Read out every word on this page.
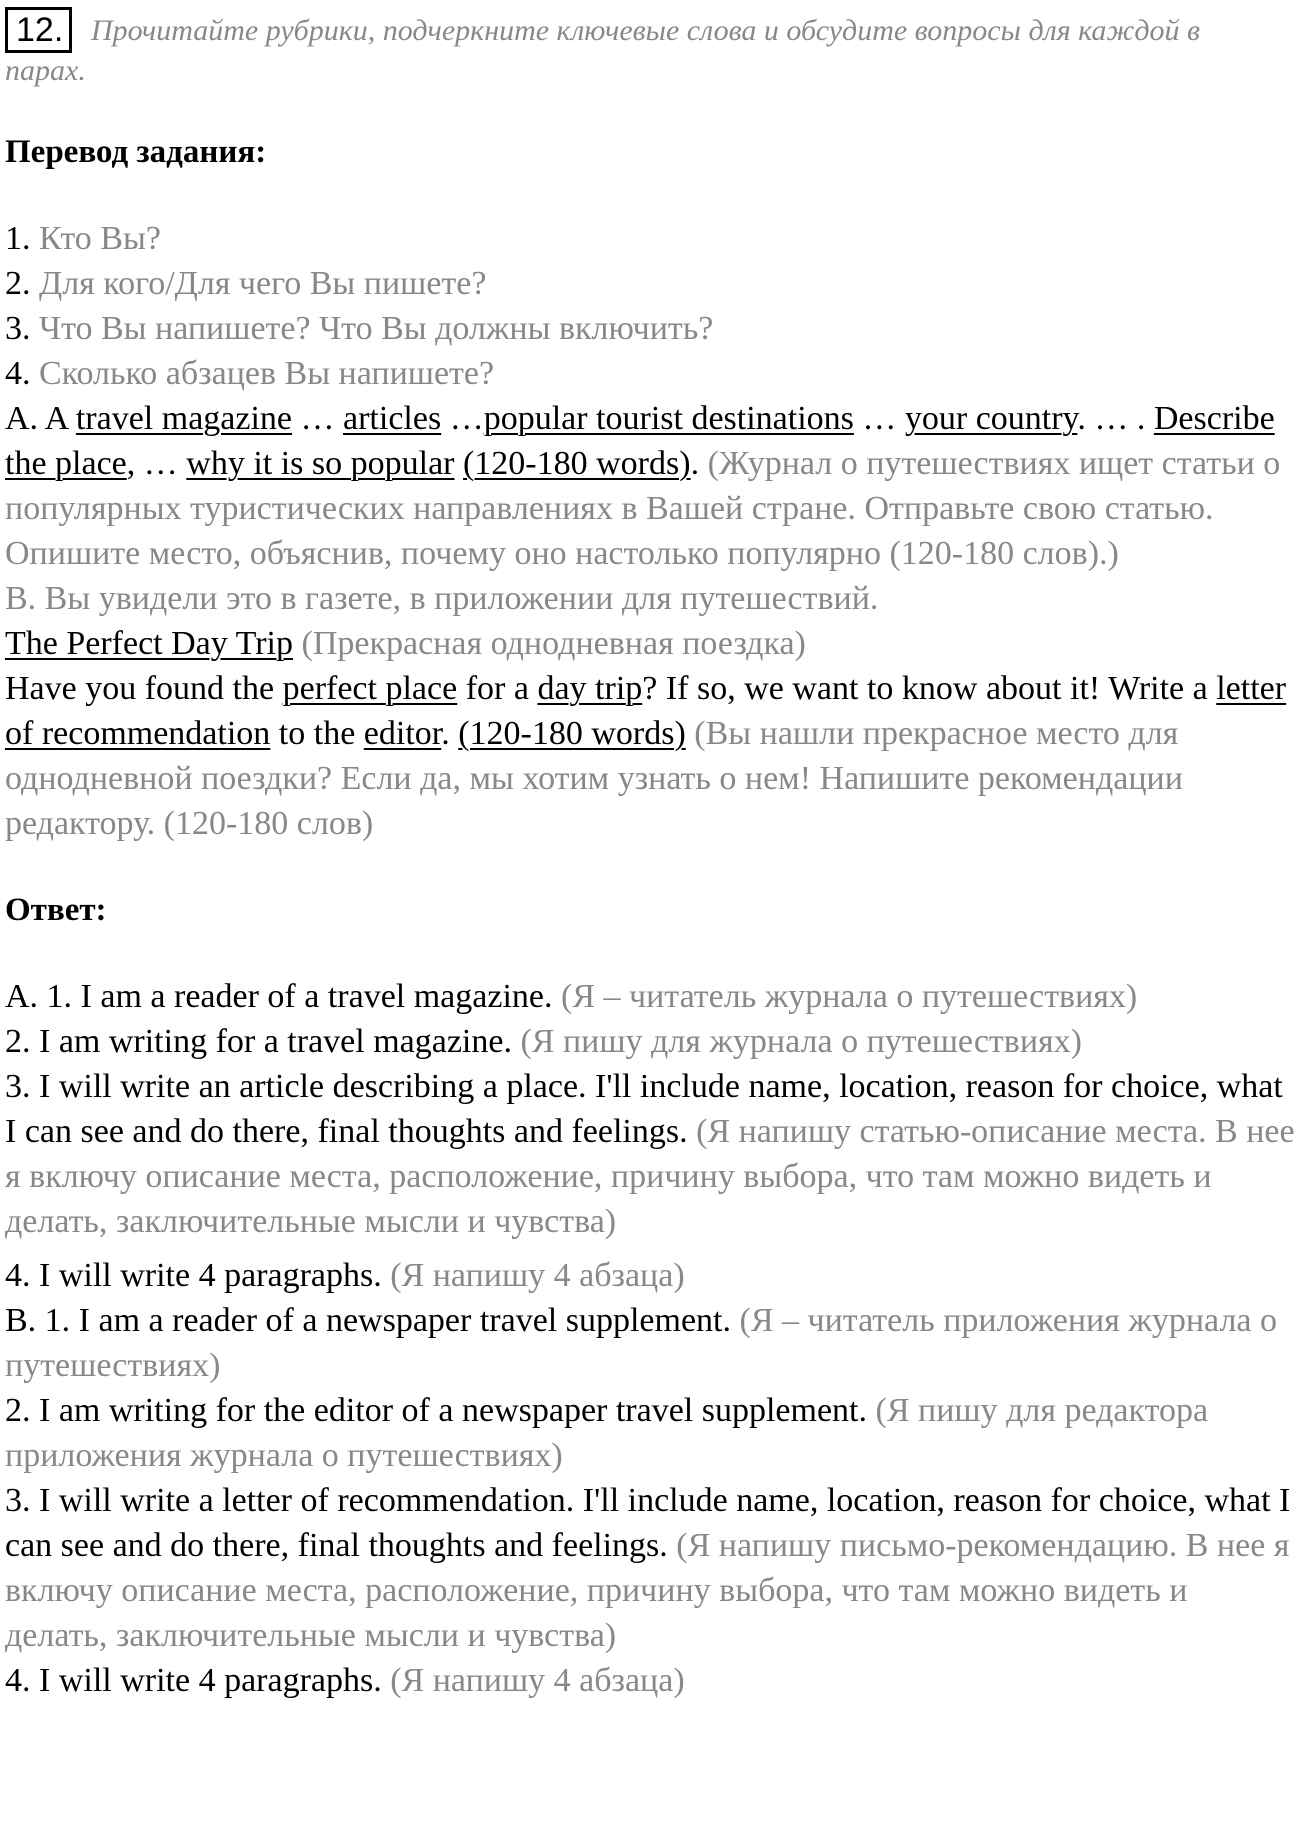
Прочитайте рубрики, подчеркните ключевые слова и обсудите вопросы для каждой в парах.

12.

Перевод задания:

1. Кто Вы?

2. Для кого/Для чего Вы пишете?

3. Что Вы напишете? Что Вы должны включить?

4. Сколько абзацев Вы напишете?

A. A travel magazine … articles …popular tourist destinations … your country. … . Describe the place, … why it is so popular (120-180 words). (Журнал о путешествиях ищет статьи о популярных туристических направлениях в Вашей стране. Отправьте свою статью. Опишите место, объяснив, почему оно настолько популярно (120-180 слов).)

B. Вы увидели это в газете, в приложении для путешествий.

The Perfect Day Trip (Прекрасная однодневная поездка)

Have you found the perfect place for a day trip? If so, we want to know about it! Write a letter of recommendation to the editor. (120-180 words) (Вы нашли прекрасное место для однодневной поездки? Если да, мы хотим узнать о нем! Напишите рекомендации редактору. (120-180 слов)

Ответ:

A. 1. I am a reader of a travel magazine. (Я – читатель журнала о путешествиях)

2. I am writing for a travel magazine. (Я пишу для журнала о путешествиях)

3. I will write an article describing a place. I'll include name, location, reason for choice, what I can see and do there, final thoughts and feelings. (Я напишу статью-описание места. В нее я включу описание места, расположение, причину выбора, что там можно видеть и делать, заключительные мысли и чувства)

4. I will write 4 paragraphs. (Я напишу 4 абзаца)

B. 1. I am a reader of a newspaper travel supplement. (Я – читатель приложения журнала о путешествиях)

2. I am writing for the editor of a newspaper travel supplement. (Я пишу для редактора приложения журнала о путешествиях)

3. I will write a letter of recommendation. I'll include name, location, reason for choice, what I can see and do there, final thoughts and feelings. (Я напишу письмо-рекомендацию. В нее я включу описание места, расположение, причину выбора, что там можно видеть и делать, заключительные мысли и чувства)

4. I will write 4 paragraphs. (Я напишу 4 абзаца)
